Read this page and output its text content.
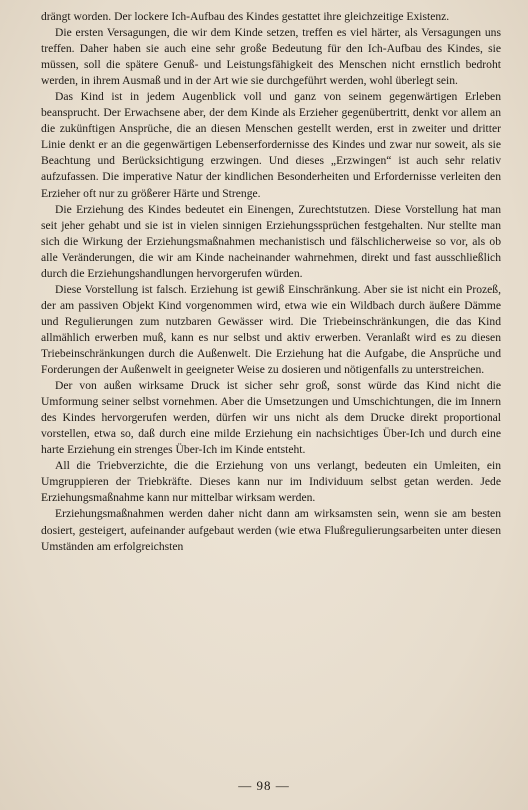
drängt worden. Der lockere Ich-Aufbau des Kindes gestattet ihre gleichzeitige Existenz.

Die ersten Versagungen, die wir dem Kinde setzen, treffen es viel härter, als Versagungen uns treffen. Daher haben sie auch eine sehr große Bedeutung für den Ich-Aufbau des Kindes, sie müssen, soll die spätere Genuß- und Leistungsfähigkeit des Menschen nicht ernstlich bedroht werden, in ihrem Ausmaß und in der Art wie sie durchgeführt werden, wohl überlegt sein.

Das Kind ist in jedem Augenblick voll und ganz von seinem gegenwärtigen Erleben beansprucht. Der Erwachsene aber, der dem Kinde als Erzieher gegenübertritt, denkt vor allem an die zukünftigen Ansprüche, die an diesen Menschen gestellt werden, erst in zweiter und dritter Linie denkt er an die gegenwärtigen Lebenserfordernisse des Kindes und zwar nur soweit, als sie Beachtung und Berücksichtigung erzwingen. Und dieses „Erzwingen“ ist auch sehr relativ aufzufassen. Die imperative Natur der kindlichen Besonderheiten und Erfordernisse verleiten den Erzieher oft nur zu größerer Härte und Strenge.

Die Erziehung des Kindes bedeutet ein Einengen, Zurechtstutzen. Diese Vorstellung hat man seit jeher gehabt und sie ist in vielen sinnigen Erziehungssprüchen festgehalten. Nur stellte man sich die Wirkung der Erziehungsmaßnahmen mechanistisch und fälschlicherweise so vor, als ob alle Veränderungen, die wir am Kinde nacheinander wahrnehmen, direkt und fast ausschließlich durch die Erziehungshandlungen hervorgerufen würden.

Diese Vorstellung ist falsch. Erziehung ist gewiß Einschränkung. Aber sie ist nicht ein Prozeß, der am passiven Objekt Kind vorgenommen wird, etwa wie ein Wildbach durch äußere Dämme und Regulierungen zum nutzbaren Gewässer wird. Die Triebeinschränkungen, die das Kind allmählich erwerben muß, kann es nur selbst und aktiv erwerben. Veranlaßt wird es zu diesen Triebeinschränkungen durch die Außenwelt. Die Erziehung hat die Aufgabe, die Ansprüche und Forderungen der Außenwelt in geeigneter Weise zu dosieren und nötigenfalls zu unterstreichen.

Der von außen wirksame Druck ist sicher sehr groß, sonst würde das Kind nicht die Umformung seiner selbst vornehmen. Aber die Umsetzungen und Umschichtungen, die im Innern des Kindes hervorgerufen werden, dürfen wir uns nicht als dem Drucke direkt proportional vorstellen, etwa so, daß durch eine milde Erziehung ein nachsichtiges Über-Ich und durch eine harte Erziehung ein strenges Über-Ich im Kinde entsteht.

All die Triebverzichte, die die Erziehung von uns verlangt, bedeuten ein Umleiten, ein Umgruppieren der Triebkräfte. Dieses kann nur im Individuum selbst getan werden. Jede Erziehungsmaßnahme kann nur mittelbar wirksam werden.

Erziehungsmaßnahmen werden daher nicht dann am wirksamsten sein, wenn sie am besten dosiert, gesteigert, aufeinander aufgebaut werden (wie etwa Flußregulierungsarbeiten unter diesen Umständen am erfolgreichsten

— 98 —
